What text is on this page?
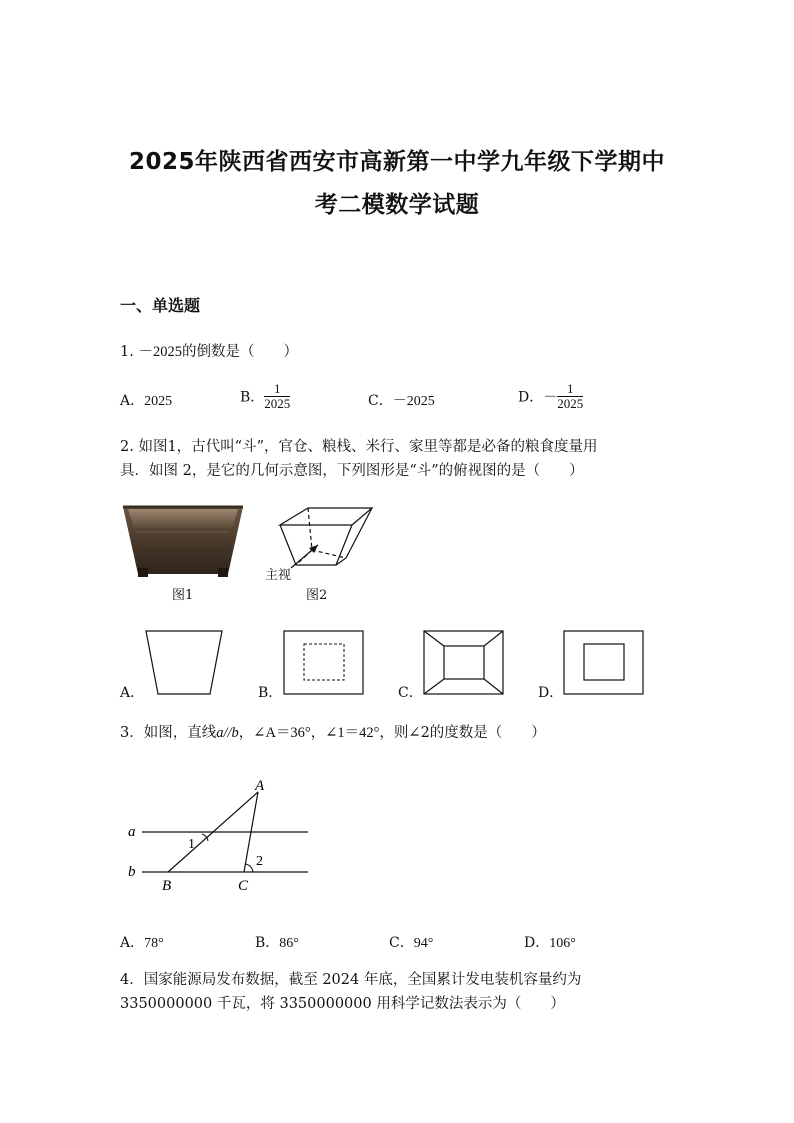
2025年陕西省西安市高新第一中学九年级下学期中
考二模数学试题
一、单选题
1. －2025的倒数是（　　）
A．2025	B． $\frac{1}{2025}$	C．－2025	D．－ $\frac{1}{2025}$
2. 如图1，古代叫“斗”，官仓、粮栈、米行、家里等都是必备的粮食度量用
具．如图 2，是它的几何示意图，下列图形是“斗”的俯视图的是（　　）
图1
主视
图2
A．	B．	C．	D．
3．如图，直线a//b，∠A＝36°，∠1＝42°，则∠2的度数是（　　）
A
a
b
1
2
B	C
A．78°	B．86°	C．94°	D．106°
4．国家能源局发布数据，截至 2024 年底，全国累计发电装机容量约为
3350000000 千瓦，将 3350000000 用科学记数法表示为（　　）
